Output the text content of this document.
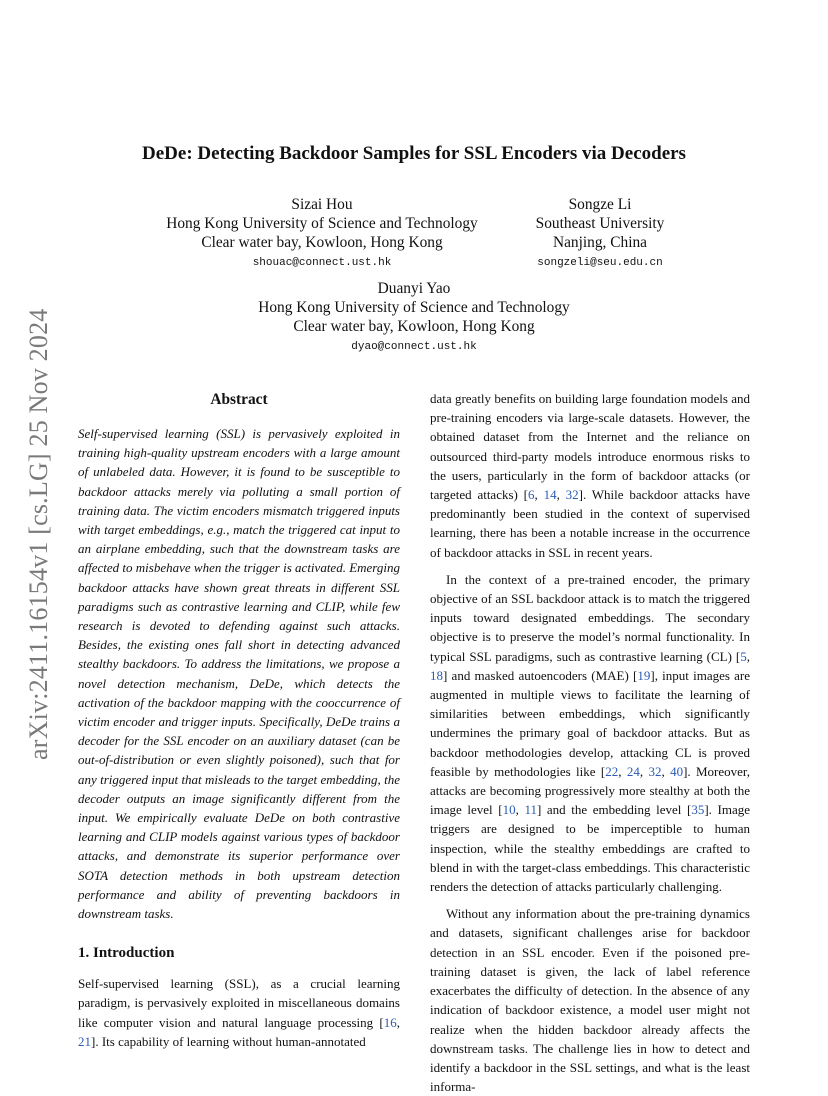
DeDe: Detecting Backdoor Samples for SSL Encoders via Decoders
Sizai Hou
Hong Kong University of Science and Technology
Clear water bay, Kowloon, Hong Kong
shouac@connect.ust.hk
Songze Li
Southeast University
Nanjing, China
songzeli@seu.edu.cn
Duanyi Yao
Hong Kong University of Science and Technology
Clear water bay, Kowloon, Hong Kong
dyao@connect.ust.hk
arXiv:2411.16154v1 [cs.LG] 25 Nov 2024	Abstract

Self-supervised learning (SSL) is pervasively exploited in training high-quality upstream encoders with a large amount of unlabeled data. However, it is found to be susceptible to backdoor attacks merely via polluting a small portion of training data. The victim encoders mismatch triggered inputs with target embeddings, e.g., match the triggered cat input to an airplane embedding, such that the downstream tasks are affected to misbehave when the trigger is activated. Emerging backdoor attacks have shown great threats in different SSL paradigms such as contrastive learning and CLIP, while few research is devoted to defending against such attacks. Besides, the existing ones fall short in detecting advanced stealthy backdoors. To address the limitations, we propose a novel detection mechanism, DeDe, which detects the activation of the backdoor mapping with the cooccurrence of victim encoder and trigger inputs. Specifically, DeDe trains a decoder for the SSL encoder on an auxiliary dataset (can be out-of-distribution or even slightly poisoned), such that for any triggered input that misleads to the target embedding, the decoder outputs an image significantly different from the input. We empirically evaluate DeDe on both contrastive learning and CLIP models against various types of backdoor attacks, and demonstrate its superior performance over SOTA detection methods in both upstream detection performance and ability of preventing backdoors in downstream tasks.

1. Introduction

Self-supervised learning (SSL), as a crucial learning paradigm, is pervasively exploited in miscellaneous domains like computer vision and natural language processing [16, 21]. Its capability of learning without human-annotated

data greatly benefits on building large foundation models and pre-training encoders via large-scale datasets. However, the obtained dataset from the Internet and the reliance on outsourced third-party models introduce enormous risks to the users, particularly in the form of backdoor attacks (or targeted attacks) [6, 14, 32]. While backdoor attacks have predominantly been studied in the context of supervised learning, there has been a notable increase in the occurrence of backdoor attacks in SSL in recent years.

In the context of a pre-trained encoder, the primary objective of an SSL backdoor attack is to match the triggered inputs toward designated embeddings. The secondary objective is to preserve the model’s normal functionality. In typical SSL paradigms, such as contrastive learning (CL) [5, 18] and masked autoencoders (MAE) [19], input images are augmented in multiple views to facilitate the learning of similarities between embeddings, which significantly undermines the primary goal of backdoor attacks. But as backdoor methodologies develop, attacking CL is proved feasible by methodologies like [22, 24, 32, 40]. Moreover, attacks are becoming progressively more stealthy at both the image level [10, 11] and the embedding level [35]. Image triggers are designed to be imperceptible to human inspection, while the stealthy embeddings are crafted to blend in with the target-class embeddings. This characteristic renders the detection of attacks particularly challenging.

Without any information about the pre-training dynamics and datasets, significant challenges arise for backdoor detection in an SSL encoder. Even if the poisoned pre-training dataset is given, the lack of label reference exacerbates the difficulty of detection. In the absence of any indication of backdoor existence, a model user might not realize when the hidden backdoor already affects the downstream tasks. The challenge lies in how to detect and identify a backdoor in the SSL settings, and what is the least informa-
